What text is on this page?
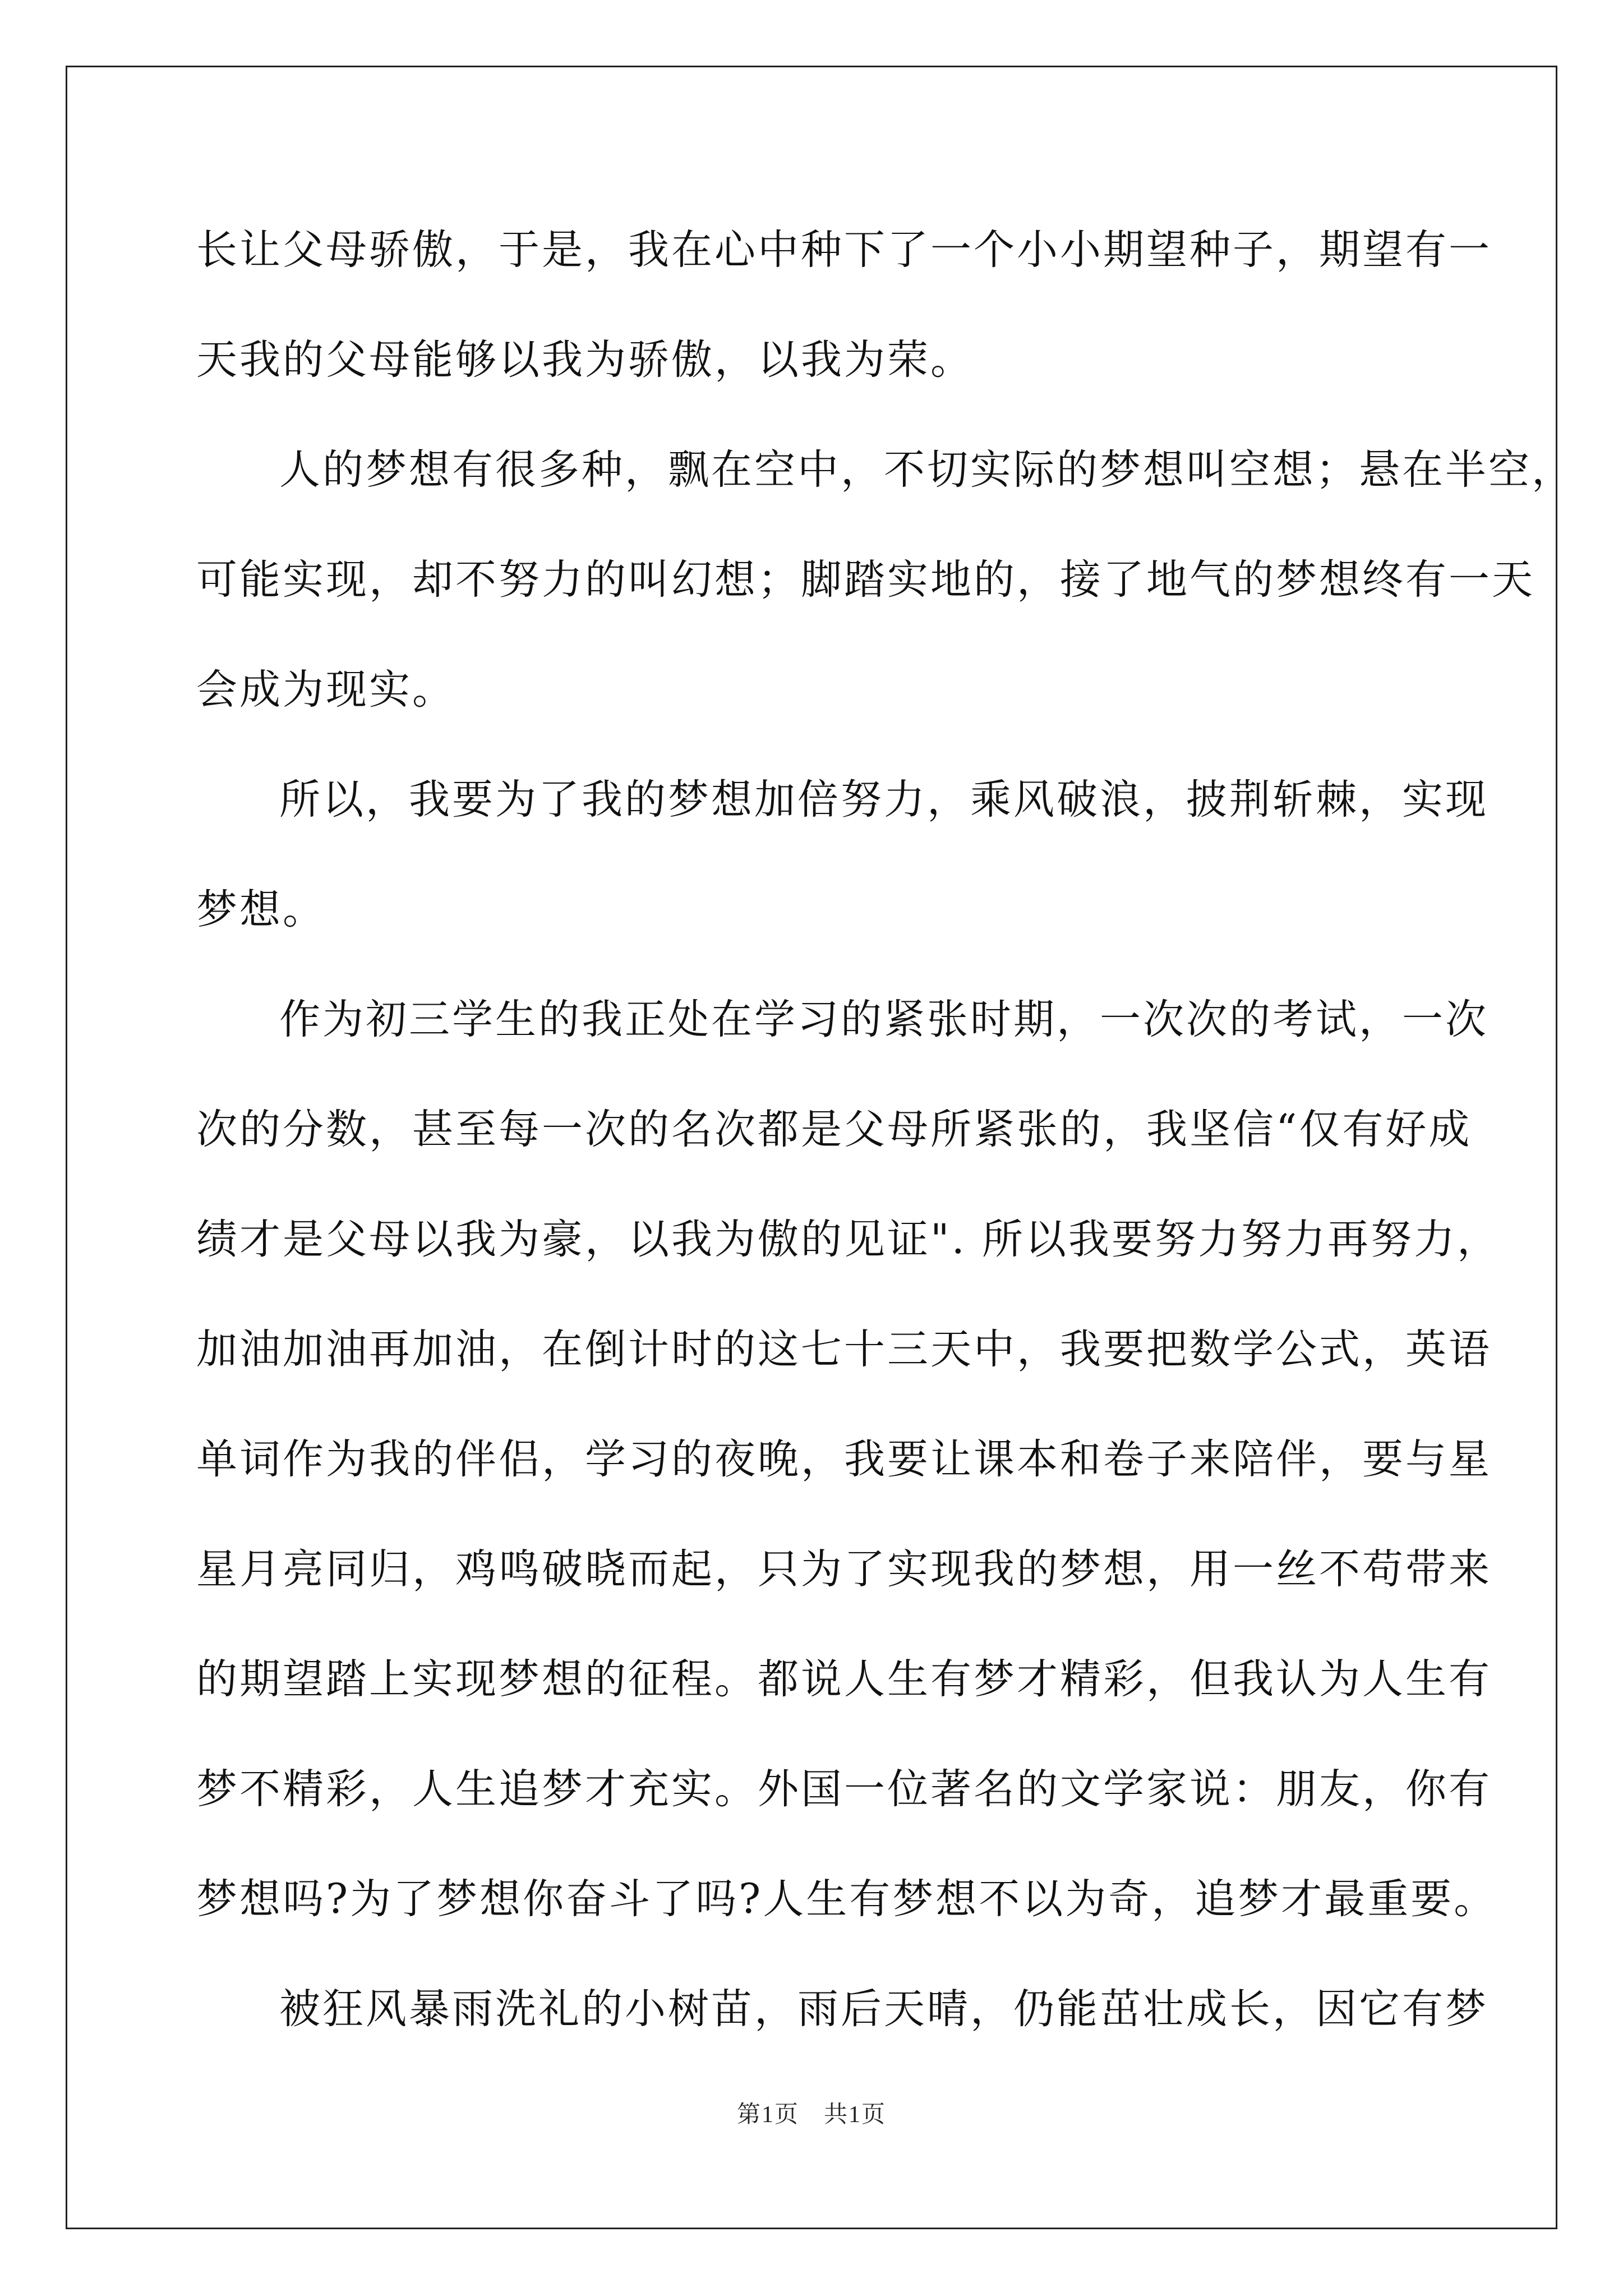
长让父母骄傲，于是，我在心中种下了一个小小期望种子，期望有一
天我的父母能够以我为骄傲，以我为荣。
人的梦想有很多种，飘在空中，不切实际的梦想叫空想；悬在半空，
可能实现，却不努力的叫幻想；脚踏实地的，接了地气的梦想终有一天
会成为现实。
所以，我要为了我的梦想加倍努力，乘风破浪，披荆斩棘，实现
梦想。
作为初三学生的我正处在学习的紧张时期，一次次的考试，一次
次的分数，甚至每一次的名次都是父母所紧张的，我坚信“仅有好成
绩才是父母以我为豪，以我为傲的见证". 所以我要努力努力再努力，
加油加油再加油，在倒计时的这七十三天中，我要把数学公式，英语
单词作为我的伴侣，学习的夜晚，我要让课本和卷子来陪伴，要与星
星月亮同归，鸡鸣破晓而起，只为了实现我的梦想，用一丝不苟带来
的期望踏上实现梦想的征程。都说人生有梦才精彩，但我认为人生有
梦不精彩，人生追梦才充实。外国一位著名的文学家说：朋友，你有
梦想吗?为了梦想你奋斗了吗?人生有梦想不以为奇，追梦才最重要。
被狂风暴雨洗礼的小树苗，雨后天晴，仍能茁壮成长，因它有梦
第1页　共1页
